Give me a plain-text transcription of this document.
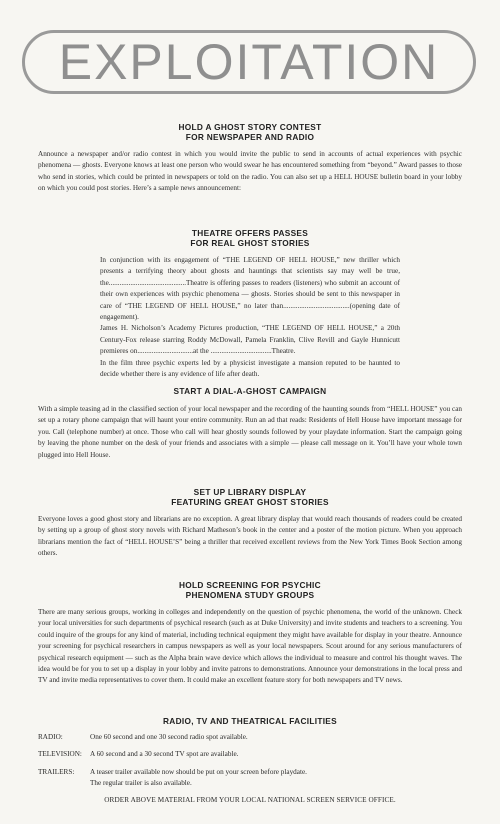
EXPLOITATION
HOLD A GHOST STORY CONTEST
FOR NEWSPAPER AND RADIO

Announce a newspaper and/or radio contest in which you would invite the public to send in accounts of actual experiences with psychic phenomena — ghosts. Everyone knows at least one person who would swear he has encountered something from “beyond.” Award passes to those who send in stories, which could be printed in newspapers or told on the radio. You can also set up a HELL HOUSE bulletin board in your lobby on which you could post stories. Here’s a sample news announcement:

THEATRE OFFERS PASSES
FOR REAL GHOST STORIES

In conjunction with its engagement of “THE LEGEND OF HELL HOUSE,” new thriller which presents a terrifying theory about ghosts and hauntings that scientists say may well be true, the...........................................Theatre is offering passes to readers (listeners) who submit an account of their own experiences with psychic phenomena — ghosts. Stories should be sent to this newspaper in care of “THE LEGEND OF HELL HOUSE,” no later than.....................................(opening date of engagement).

James H. Nicholson’s Academy Pictures production, “THE LEGEND OF HELL HOUSE,” a 20th Century-Fox release starring Roddy McDowall, Pamela Franklin, Clive Revill and Gayle Hunnicutt premieres on...............................at the ..................................Theatre.

In the film three psychic experts led by a physicist investigate a mansion reputed to be haunted to decide whether there is any evidence of life after death.

START A DIAL-A-GHOST CAMPAIGN

With a simple teasing ad in the classified section of your local newspaper and the recording of the haunting sounds from “HELL HOUSE” you can set up a rotary phone campaign that will haunt your entire community. Run an ad that reads: Residents of Hell House have important message for you. Call (telephone number) at once. Those who call will hear ghostly sounds followed by your playdate information. Start the campaign going by leaving the phone number on the desk of your friends and associates with a simple — please call message on it. You’ll have your whole town plugged into Hell House.

SET UP LIBRARY DISPLAY
FEATURING GREAT GHOST STORIES

Everyone loves a good ghost story and librarians are no exception. A great library display that would reach thousands of readers could be created by setting up a group of ghost story novels with Richard Matheson’s book in the center and a poster of the motion picture. When you approach librarians mention the fact of “HELL HOUSE’S” being a thriller that received excellent reviews from the New York Times Book Section among others.

HOLD SCREENING FOR PSYCHIC
PHENOMENA STUDY GROUPS

There are many serious groups, working in colleges and independently on the question of psychic phenomena, the world of the unknown. Check your local universities for such departments of psychical research (such as at Duke University) and invite students and teachers to a screening. You could inquire of the groups for any kind of material, including technical equipment they might have available for display in your theatre. Announce your screening for psychical researchers in campus newspapers as well as your local newspapers. Scout around for any serious manufacturers of psychical research equipment — such as the Alpha brain wave device which allows the individual to measure and control his thought waves. The idea would be for you to set up a display in your lobby and invite patrons to demonstrations. Announce your demonstrations in the local press and TV and invite media representatives to cover them. It could make an excellent feature story for both newspapers and TV news.

RADIO, TV AND THEATRICAL FACILITIES
RADIO:	One 60 second and one 30 second radio spot available.
TELEVISION:	A 60 second and a 30 second TV spot are available.
TRAILERS:	A teaser trailer available now should be put on your screen before playdate.
The regular trailer is also available.
ORDER ABOVE MATERIAL FROM YOUR LOCAL NATIONAL SCREEN SERVICE OFFICE.
